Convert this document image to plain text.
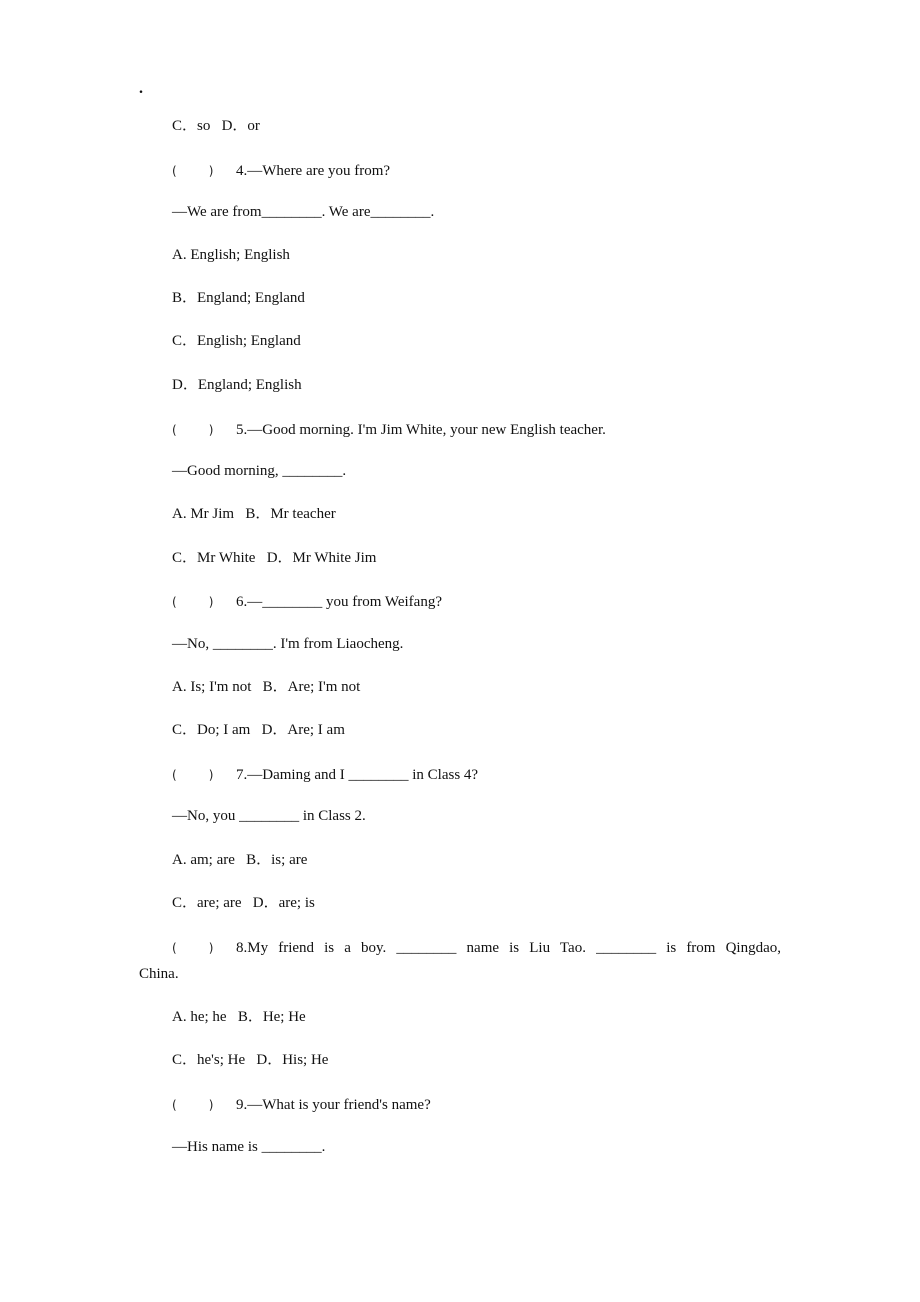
.
C．so   D．or
(	) 4.—Where are you from?
—We are from________. We are________.
A. English; English
B．England; England
C．English; England
D．England; English
(	) 5.—Good morning. I'm Jim White, your new English teacher.
—Good morning, ________.
A. Mr Jim   B．Mr teacher
C．Mr White   D．Mr White Jim
(	) 6.—________ you from Weifang?
—No, ________. I'm from Liaocheng.
A. Is; I'm not   B．Are; I'm not
C．Do; I am   D．Are; I am
(	) 7.—Daming and I ________ in Class 4?
—No, you ________ in Class 2.
A. am; are   B．is; are
C．are; are   D．are; is
(	) 8.My friend is a boy. ________ name is Liu Tao. ________ is from Qingdao,
China.
A. he; he   B．He; He
C．he's; He   D．His; He
(	) 9.—What is your friend's name?
—His name is ________.
